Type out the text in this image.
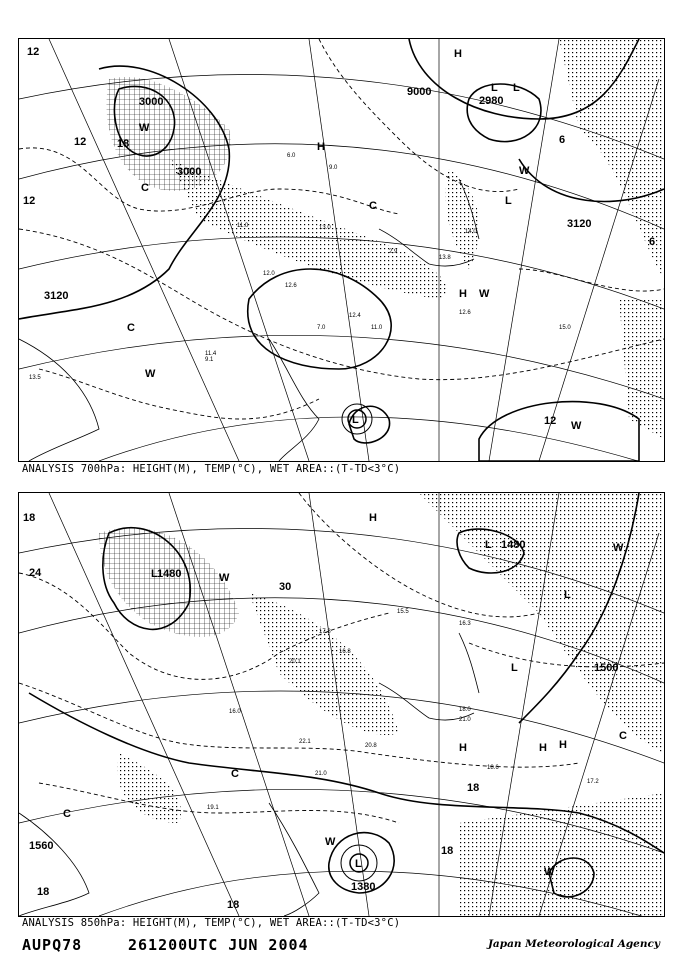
3000
3000
9000
2980
3120
3120
12
12
12
12
18	6
6
L L
L
L
W
W
W
W
W
C
C
C
H
H
H
6.0
9.0
11.0
12.0
12.6
13.0
11.4
9.1
12.4
7.0
14.0
13.8
2.9
12.6
15.0
11.0
13.5
ANALYSIS 700hPa: HEIGHT(M), TEMP(°C), WET AREA::(T-TD<3°C)
1480
1480
1500
1560
1380
24
30
18
18
18
18
18
L
L
L
L
L
W
W
W
W
C
C
C
H
H	H
H
16.3
18.0
21.0
17.8
20.1
16.8
21.0
20.8
17.2
18.6
19.1
15.5
16.0
22.1
ANALYSIS 850hPa: HEIGHT(M), TEMP(°C), WET AREA::(T-TD<3°C)
AUPQ78	261200UTC JUN 2004	Japan Meteorological Agency
